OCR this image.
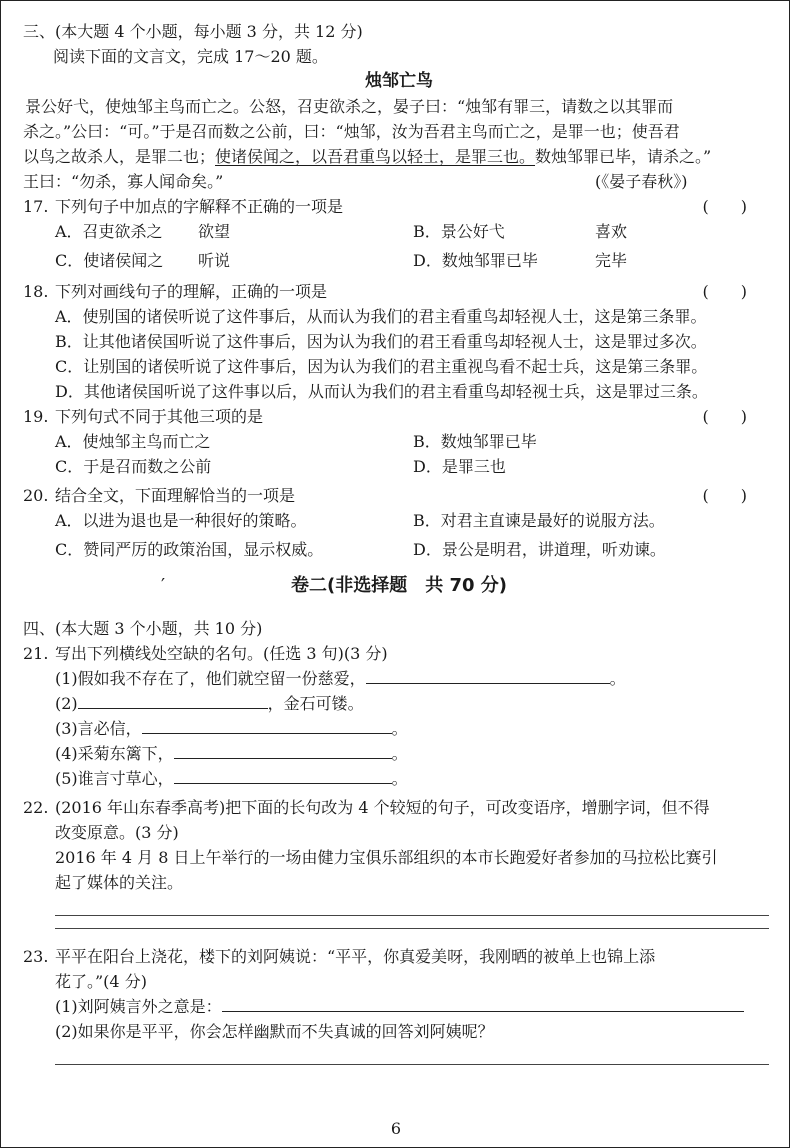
三、(本大题 4 个小题，每小题 3 分，共 12 分)
阅读下面的文言文，完成 17～20 题。
烛邹亡鸟
景公好弋，使烛邹主鸟而亡之。公怒，召吏欲杀之，晏子曰：“烛邹有罪三，请数之以其罪而
杀之。”公曰：“可。”于是召而数之公前，曰：“烛邹，汝为吾君主鸟而亡之，是罪一也；使吾君
以鸟之故杀人，是罪二也；使诸侯闻之，以吾君重鸟以轻士，是罪三也。数烛邹罪已毕，请杀之。”
王曰：“勿杀，寡人闻命矣。”	(《晏子春秋》)
17. 下列句子中加点的字解释不正确的一项是	(　　)
A．召吏欲杀之 欲望	B．景公好弋	喜欢
C．使诸侯闻之 听说	D．数烛邹罪已毕	完毕
18. 下列对画线句子的理解，正确的一项是	(　　)
A．使别国的诸侯听说了这件事后，从而认为我们的君主看重鸟却轻视人士，这是第三条罪。
B．让其他诸侯国听说了这件事后，因为认为我们的君王看重鸟却轻视人士，这是罪过多次。
C．让别国的诸侯听说了这件事后，因为认为我们的君主重视鸟看不起士兵，这是第三条罪。
D．其他诸侯国听说了这件事以后，从而认为我们的君主看重鸟却轻视士兵，这是罪过三条。
19. 下列句式不同于其他三项的是	(　　)
A．使烛邹主鸟而亡之	B．数烛邹罪已毕
C．于是召而数之公前	D．是罪三也
20. 结合全文，下面理解恰当的一项是	(　　)
A．以进为退也是一种很好的策略。	B．对君主直谏是最好的说服方法。
C．赞同严厉的政策治国，显示权威。	D．景公是明君，讲道理，听劝谏。
′	卷二(非选择题　共 70 分)
四、(本大题 3 个小题，共 10 分)
21. 写出下列横线处空缺的名句。(任选 3 句)(3 分)
(1)假如我不存在了，他们就空留一份慈爱，	。
(2)	，金石可镂。
(3)言必信，	。
(4)采菊东篱下，	。
(5)谁言寸草心，	。
22. (2016 年山东春季高考)把下面的长句改为 4 个较短的句子，可改变语序，增删字词，但不得
改变原意。(3 分)
2016 年 4 月 8 日上午举行的一场由健力宝俱乐部组织的本市长跑爱好者参加的马拉松比赛引
起了媒体的关注。
23. 平平在阳台上浇花，楼下的刘阿姨说：“平平，你真爱美呀，我刚晒的被单上也锦上添
花了。”(4 分)
(1)刘阿姨言外之意是：
(2)如果你是平平，你会怎样幽默而不失真诚的回答刘阿姨呢？
6
